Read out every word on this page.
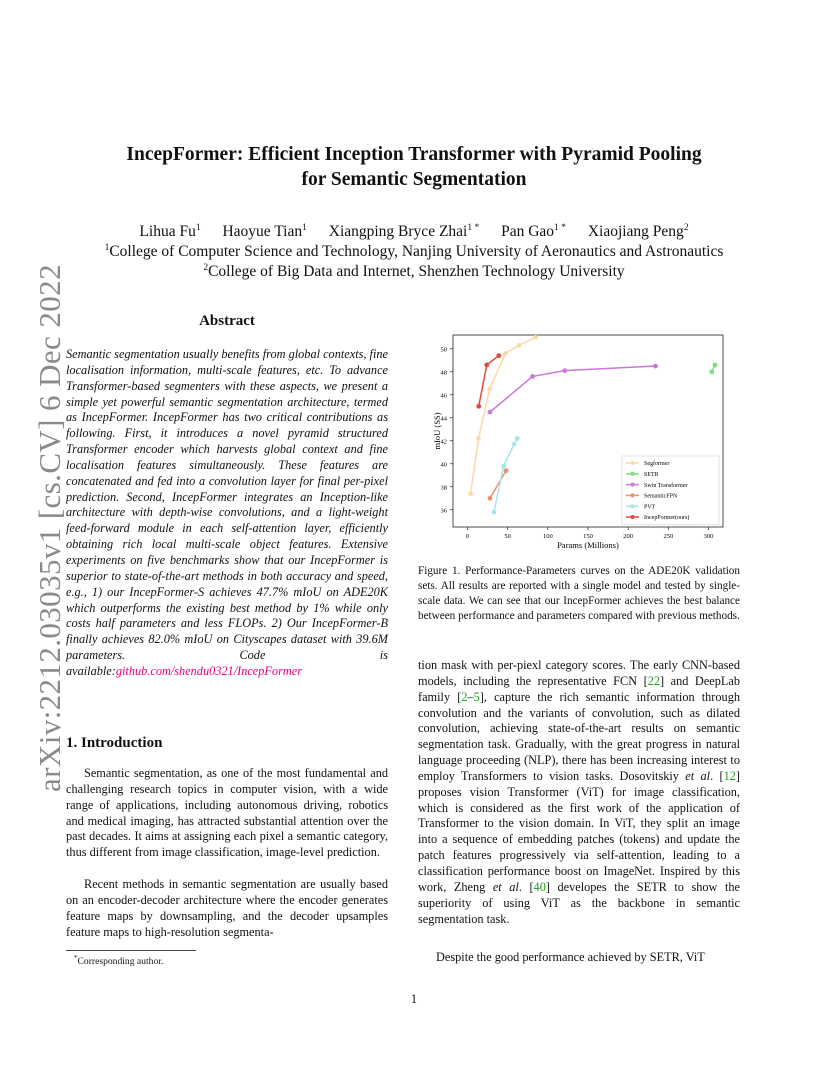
arXiv:2212.03035v1 [cs.CV] 6 Dec 2022
IncepFormer: Efficient Inception Transformer with Pyramid Pooling
for Semantic Segmentation
Lihua Fu$^1$ Haoyue Tian$^1$ Xiangping Bryce Zhai$^{1 *}$ Pan Gao$^{1 *}$ Xiaojiang Peng$^2$
$^1$College of Computer Science and Technology, Nanjing University of Aeronautics and Astronautics
$^2$College of Big Data and Internet, Shenzhen Technology University
Abstract
Semantic segmentation usually benefits from global contexts, fine localisation information, multi-scale features, etc. To advance Transformer-based segmenters with these aspects, we present a simple yet powerful semantic segmentation architecture, termed as IncepFormer. IncepFormer has two critical contributions as following. First, it introduces a novel pyramid structured Transformer encoder which harvests global context and fine localisation features simultaneously. These features are concatenated and fed into a convolution layer for final per-pixel prediction. Second, IncepFormer integrates an Inception-like architecture with depth-wise convolutions, and a light-weight feed-forward module in each self-attention layer, efficiently obtaining rich local multi-scale object features. Extensive experiments on five benchmarks show that our IncepFormer is superior to state-of-the-art methods in both accuracy and speed, e.g., 1) our IncepFormer-S achieves 47.7% mIoU on ADE20K which outperforms the existing best method by 1% while only costs half parameters and less FLOPs. 2) Our IncepFormer-B finally achieves 82.0% mIoU on Cityscapes dataset with 39.6M parameters. Code is available:github.com/shendu0321/IncepFormer
1. Introduction
Semantic segmentation, as one of the most fundamental and challenging research topics in computer vision, with a wide range of applications, including autonomous driving, robotics and medical imaging, has attracted substantial attention over the past decades. It aims at assigning each pixel a semantic category, thus different from image classification, image-level prediction.
Recent methods in semantic segmentation are usually based on an encoder-decoder architecture where the encoder generates feature maps by downsampling, and the decoder upsamples feature maps to high-resolution segmenta-
*Corresponding author.
36
38
40
42
44
46
48
50
0	50	100	150	200	250	300
Segformer
SETR
Swin Transformer
SemanticFPN
PVT
IncepFormer(ours)
Params (Millions)
mIoU (SS)
Figure 1. Performance-Parameters curves on the ADE20K validation sets. All results are reported with a single model and tested by single-scale data. We can see that our IncepFormer achieves the best balance between performance and parameters compared with previous methods.
tion mask with per-piexl category scores. The early CNN-based models, including the representative FCN [22] and DeepLab family [2–5], capture the rich semantic information through convolution and the variants of convolution, such as dilated convolution, achieving state-of-the-art results on semantic segmentation task. Gradually, with the great progress in natural language proceeding (NLP), there has been increasing interest to employ Transformers to vision tasks. Dosovitskiy et al. [12] proposes vision Transformer (ViT) for image classification, which is considered as the first work of the application of Transformer to the vision domain. In ViT, they split an image into a sequence of embedding patches (tokens) and update the patch features progressively via self-attention, leading to a classification performance boost on ImageNet. Inspired by this work, Zheng et al. [40] developes the SETR to show the superiority of using ViT as the backbone in semantic segmentation task.
Despite the good performance achieved by SETR, ViT
1
